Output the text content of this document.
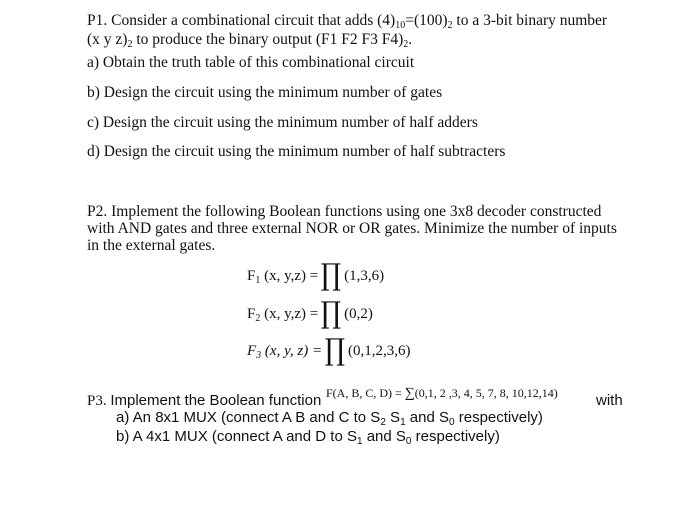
P1. Consider a combinational circuit that adds $(4)_{10}=(100)_2$ to a 3-bit binary number
(x y $z)_2$ to produce the binary output (F1 F2 F3 $F4)_2$.
a) Obtain the truth table of this combinational circuit
b) Design the circuit using the minimum number of gates
c) Design the circuit using the minimum number of half adders
d) Design the circuit using the minimum number of half subtracters
P2. Implement the following Boolean functions using one 3x8 decoder constructed
with AND gates and three external NOR or OR gates. Minimize the number of inputs
in the external gates.
$F_1$ (x, y,z) =∏ (1,3,6)
$F_2$ (x, y,z) =∏ (0,2)
$F_3$ (x, y, z) =∏ (0,1,2,3,6)
P3. Implement the Boolean function F(A, B, C, D) = ∑(0,1, 2 ,3, 4, 5, 7, 8, 10,12,14)	with
a) An 8x1 MUX (connect A B and C to $S_2$ $S_1$ and $S_0$ respectively)
b) A 4x1 MUX (connect A and D to $S_1$ and $S_0$ respectively)
